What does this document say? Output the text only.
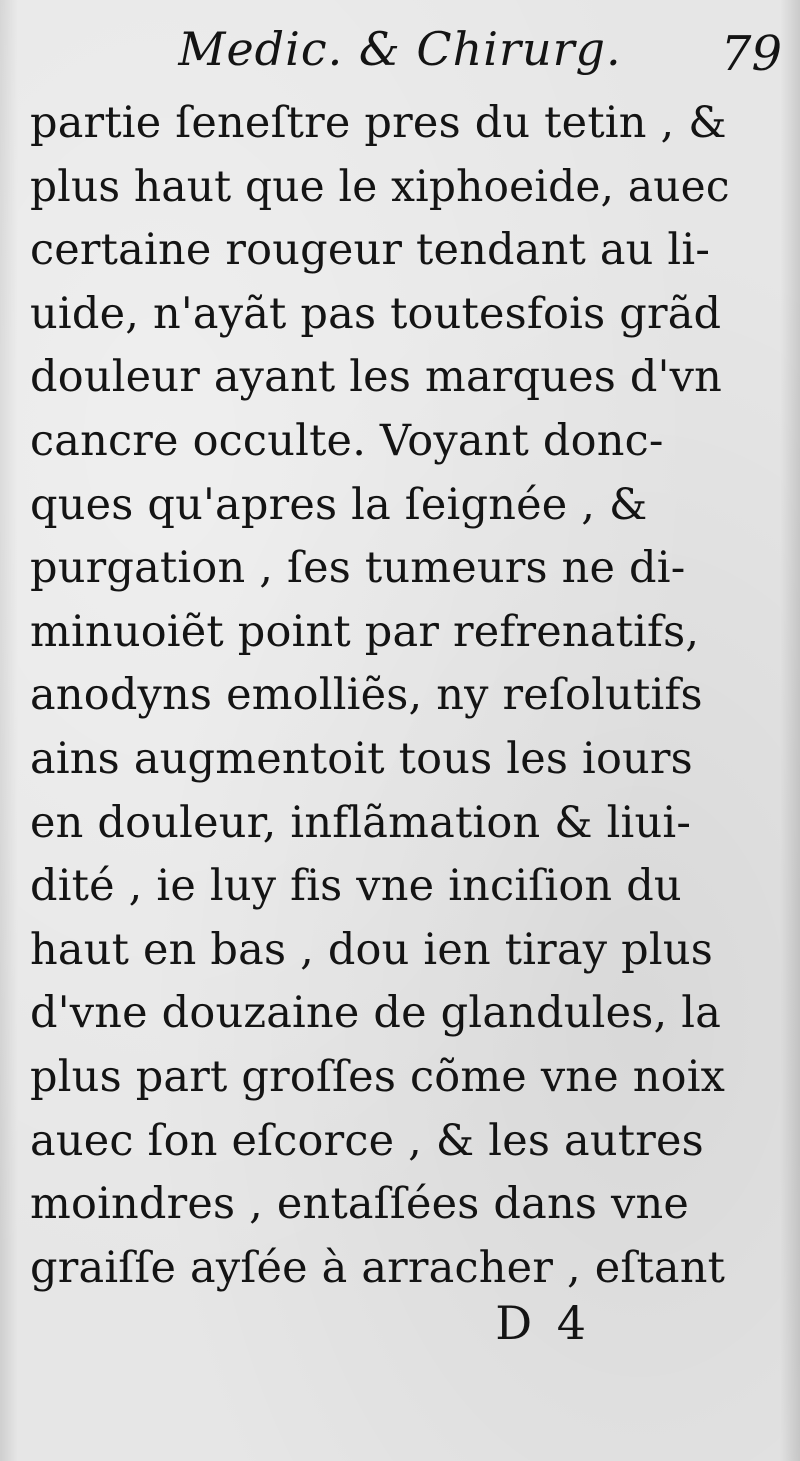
Medic. & Chirurg.	79
partie ſeneſtre pres du tetin , &
plus haut que le xiphoeide, auec
certaine rougeur tendant au li-
uide, n'ayãt pas toutesfois grãd
douleur ayant les marques d'vn
cancre occulte. Voyant donc-
ques qu'apres la ſeignée , &
purgation , ſes tumeurs ne di-
minuoiẽt point par refrenatifs,
anodyns emolliẽs, ny reſolutifs
ains augmentoit tous les iours
en douleur, inflãmation & liui-
dité , ie luy fis vne inciſion du
haut en bas , dou ien tiray plus
d'vne douzaine de glandules, la
plus part groſſes cõme vne noix
auec ſon eſcorce , & les autres
moindres , entaſſées dans vne
graiſſe ayſée à arracher , eſtant
D 4
